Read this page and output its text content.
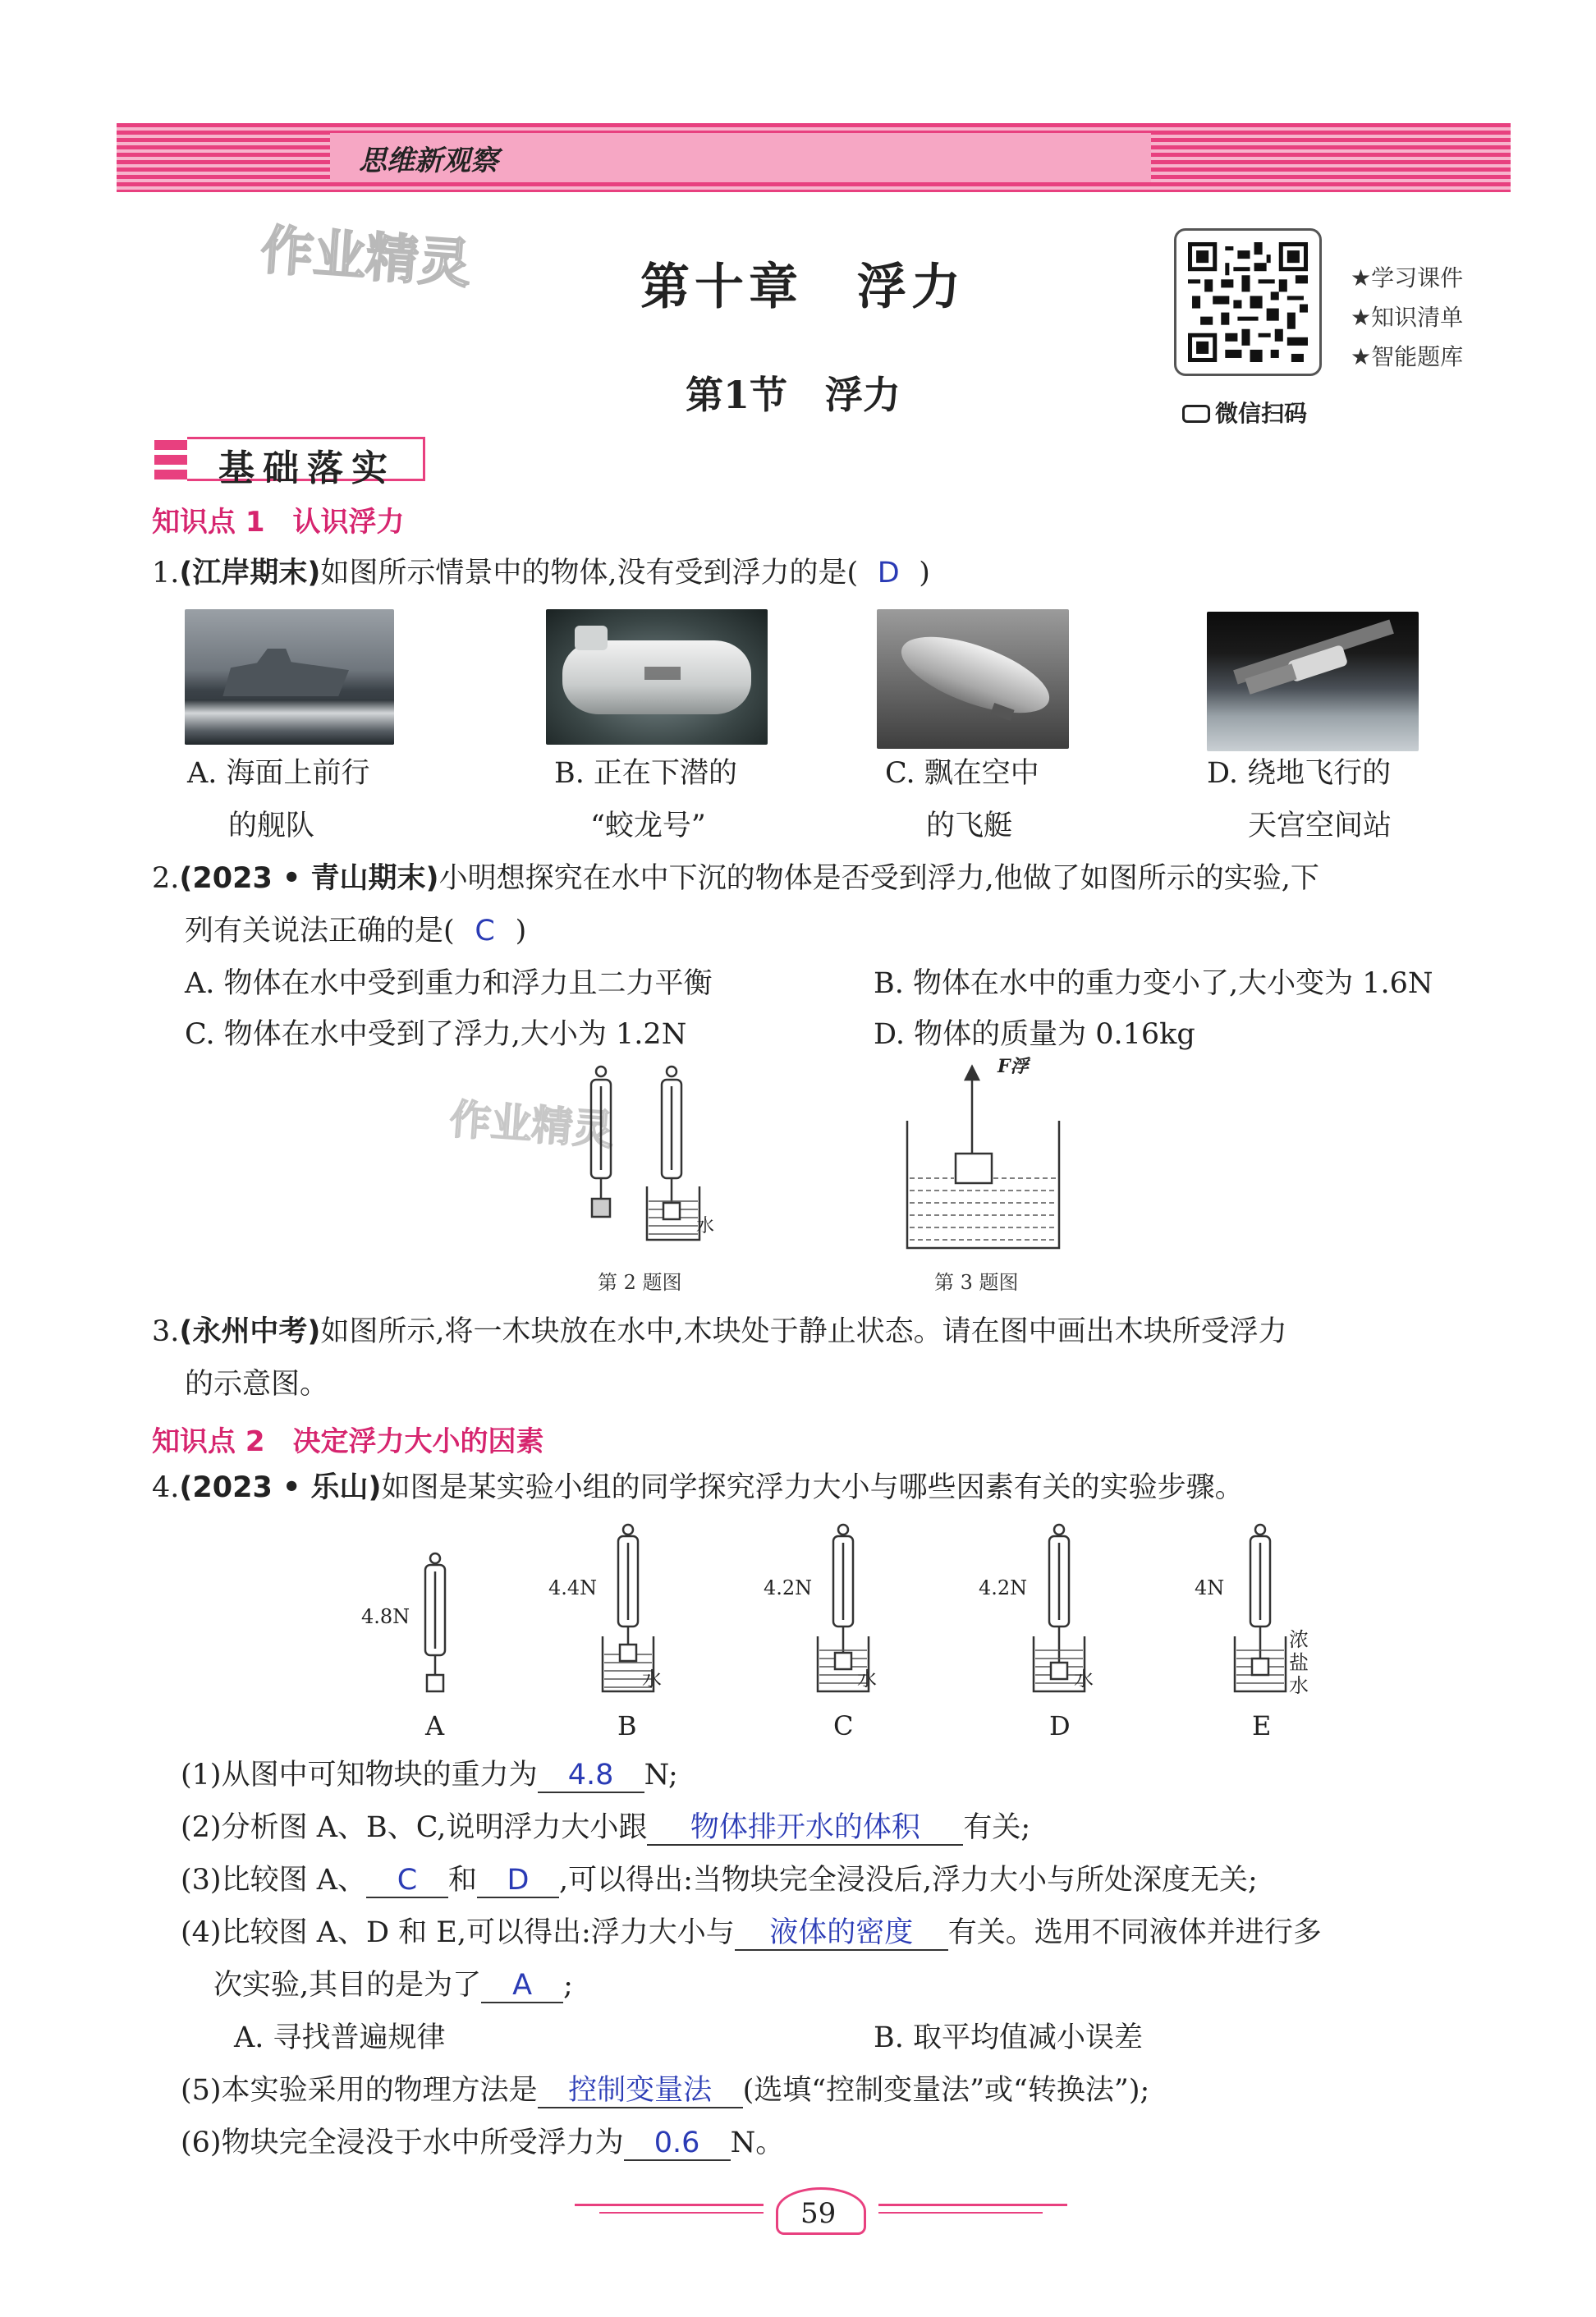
思维新观察
作业精灵
作业精灵
第十章　浮力
第1节　浮力
★学习课件
★知识清单
★智能题库
微信扫码
基础落实
知识点 1　认识浮力
1.(江岸期末)如图所示情景中的物体,没有受到浮力的是( D )
A. 海面上前行
的舰队
B. 正在下潜的
“蛟龙号”
C. 飘在空中
的飞艇
D. 绕地飞行的
天宫空间站
2.(2023 • 青山期末)小明想探究在水中下沉的物体是否受到浮力,他做了如图所示的实验,下
列有关说法正确的是( C )
A. 物体在水中受到重力和浮力且二力平衡	B. 物体在水中的重力变小了,大小变为 1.6N
C. 物体在水中受到了浮力,大小为 1.2N	D. 物体的质量为 0.16kg
水
第 2 题图
F浮
第 3 题图
3.(永州中考)如图所示,将一木块放在水中,木块处于静止状态。请在图中画出木块所受浮力
的示意图。
知识点 2　决定浮力大小的因素
4.(2023 • 乐山)如图是某实验小组的同学探究浮力大小与哪些因素有关的实验步骤。
4.8N
A
4.4N
水
B
4.2N
水
C
4.2N
水
D
4N
浓盐水
E
(1)从图中可知物块的重力为 4.8 N;
(2)分析图 A、B、C,说明浮力大小跟 物体排开水的体积 有关;
(3)比较图 A、 C 和 D ,可以得出:当物块完全浸没后,浮力大小与所处深度无关;
(4)比较图 A、D 和 E,可以得出:浮力大小与 液体的密度 有关。选用不同液体并进行多
次实验,其目的是为了 A ;
A. 寻找普遍规律	B. 取平均值减小误差
(5)本实验采用的物理方法是 控制变量法 (选填“控制变量法”或“转换法”);
(6)物块完全浸没于水中所受浮力为 0.6 N。
59
